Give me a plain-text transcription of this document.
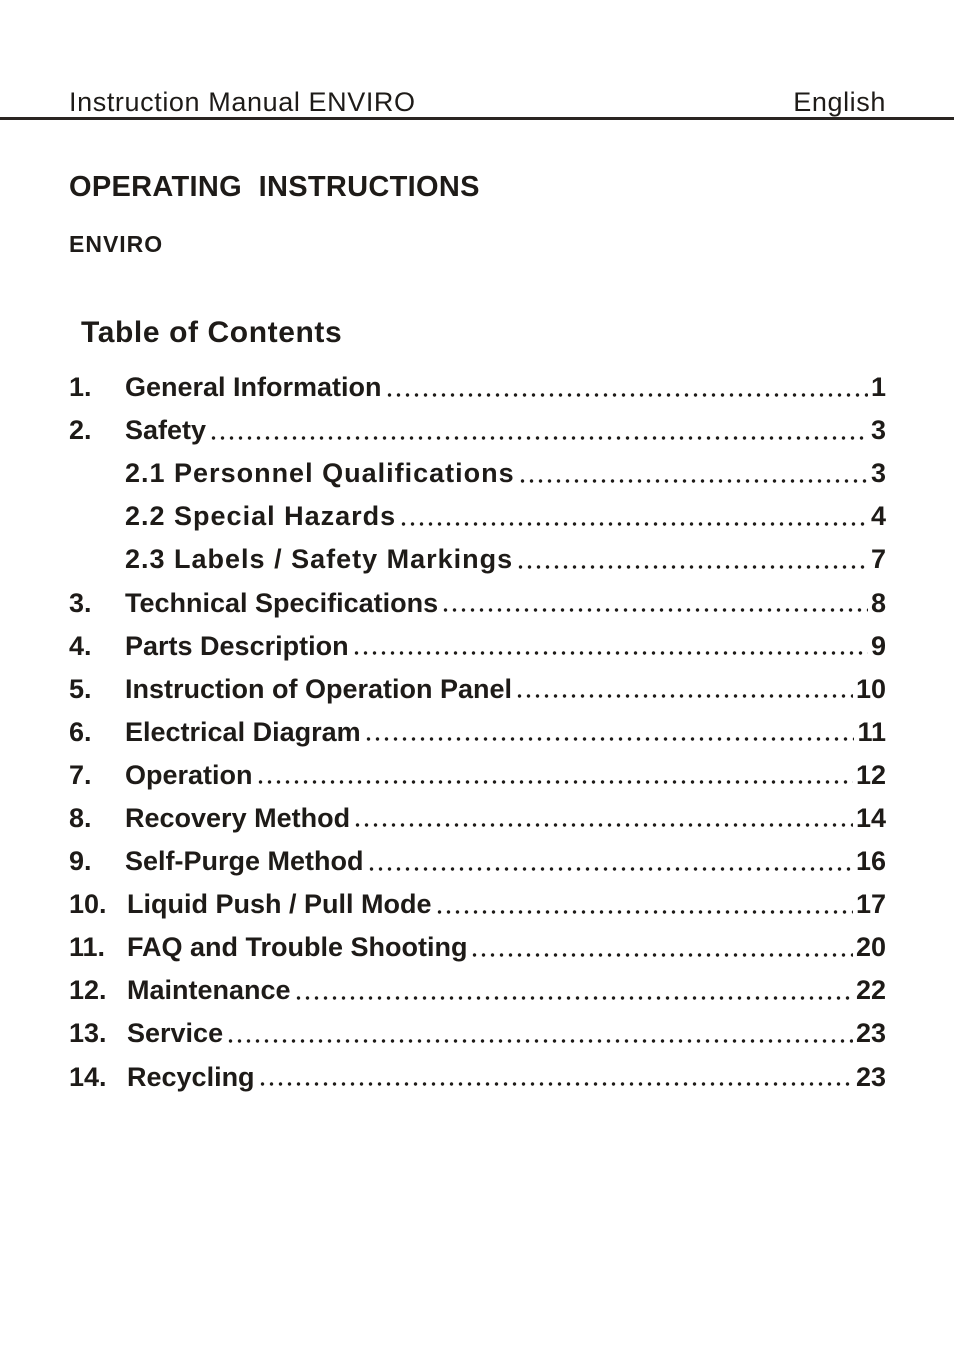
Instruction Manual ENVIRO	English
OPERATING  INSTRUCTIONS
ENVIRO
Table of Contents
1.	General Information	1
2.	Safety	3
2.1 Personnel Qualifications	3
2.2 Special Hazards	4
2.3 Labels / Safety Markings	7
3.	Technical Specifications	8
4.	Parts Description	9
5.	Instruction of Operation Panel	10
6.	Electrical Diagram	11
7.	Operation	12
8.	Recovery Method	14
9.	Self-Purge Method	16
10. Liquid Push / Pull Mode	17
11. FAQ and Trouble Shooting	20
12. Maintenance	22
13. Service	23
14. Recycling	23
